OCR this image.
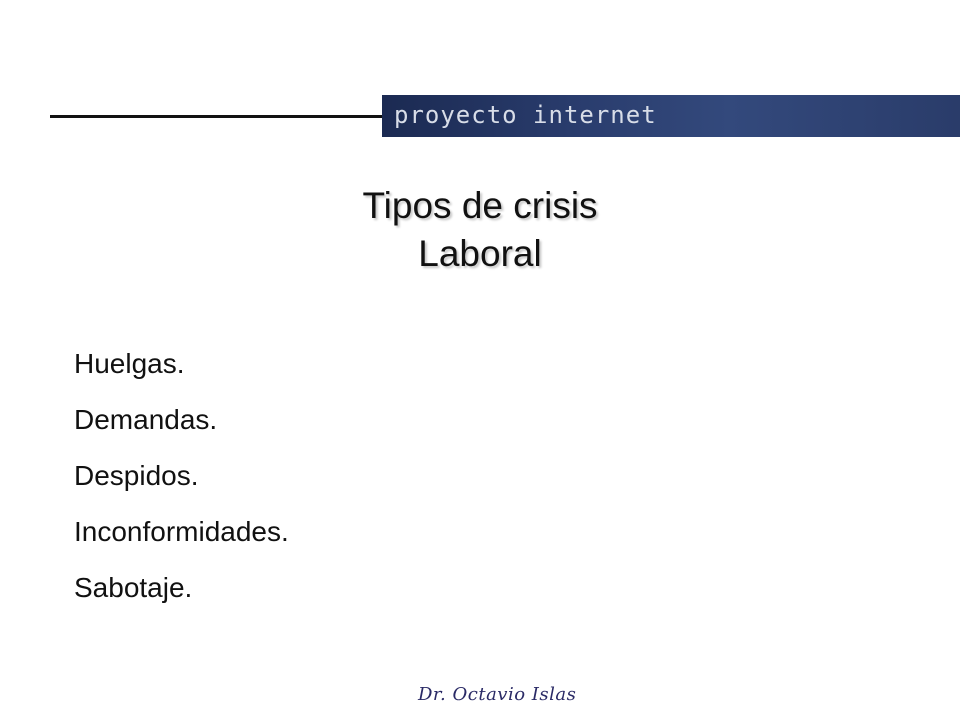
proyecto internet
Tipos de crisis
Laboral
Huelgas.
Demandas.
Despidos.
Inconformidades.
Sabotaje.
Dr. Octavio Islas
